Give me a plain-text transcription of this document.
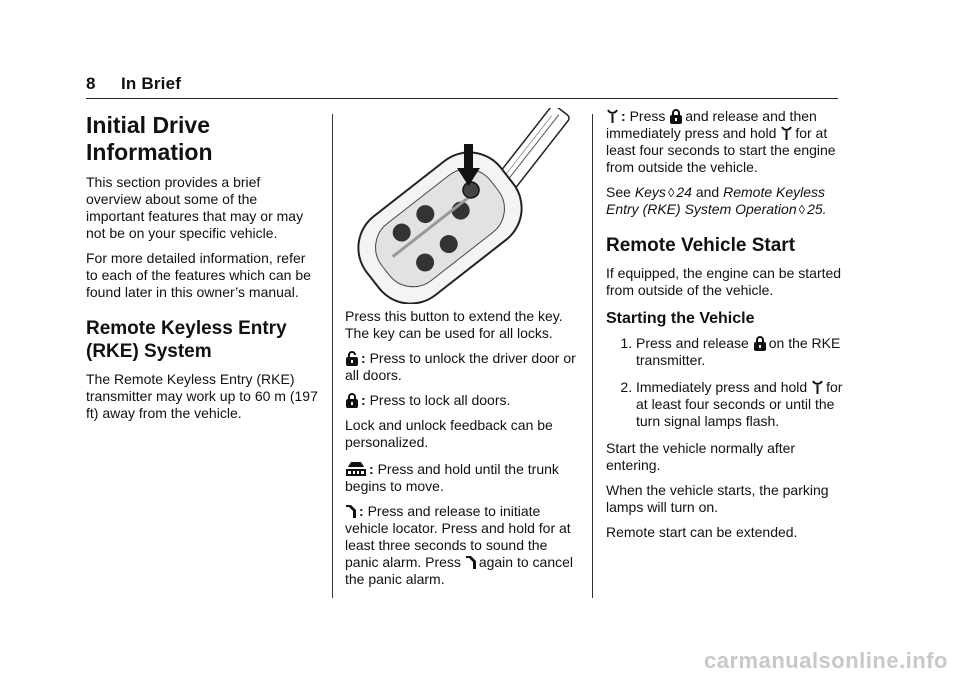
8 In Brief
Initial Drive Information

This section provides a brief overview about some of the important features that may or may not be on your specific vehicle.

For more detailed information, refer to each of the features which can be found later in this owner’s manual.

Remote Keyless Entry (RKE) System

The Remote Keyless Entry (RKE) transmitter may work up to 60 m (197 ft) away from the vehicle.

Press this button to extend the key. The key can be used for all locks.

: Press to unlock the driver door or all doors.

: Press to lock all doors.

Lock and unlock feedback can be personalized.

: Press and hold until the trunk begins to move.

: Press and release to initiate vehicle locator. Press and hold for at least three seconds to sound the panic alarm. Press again to cancel the panic alarm.

: Press and release and then immediately press and hold for at least four seconds to start the engine from outside the vehicle.

See Keys ◊ 24 and Remote Keyless Entry (RKE) System Operation ◊ 25.

Remote Vehicle Start

If equipped, the engine can be started from outside of the vehicle.

Starting the Vehicle
1. Press and release on the RKE transmitter.
2. Immediately press and hold for at least four seconds or until the turn signal lamps flash.

Start the vehicle normally after entering.

When the vehicle starts, the parking lamps will turn on.

Remote start can be extended.

carmanualsonline.info
